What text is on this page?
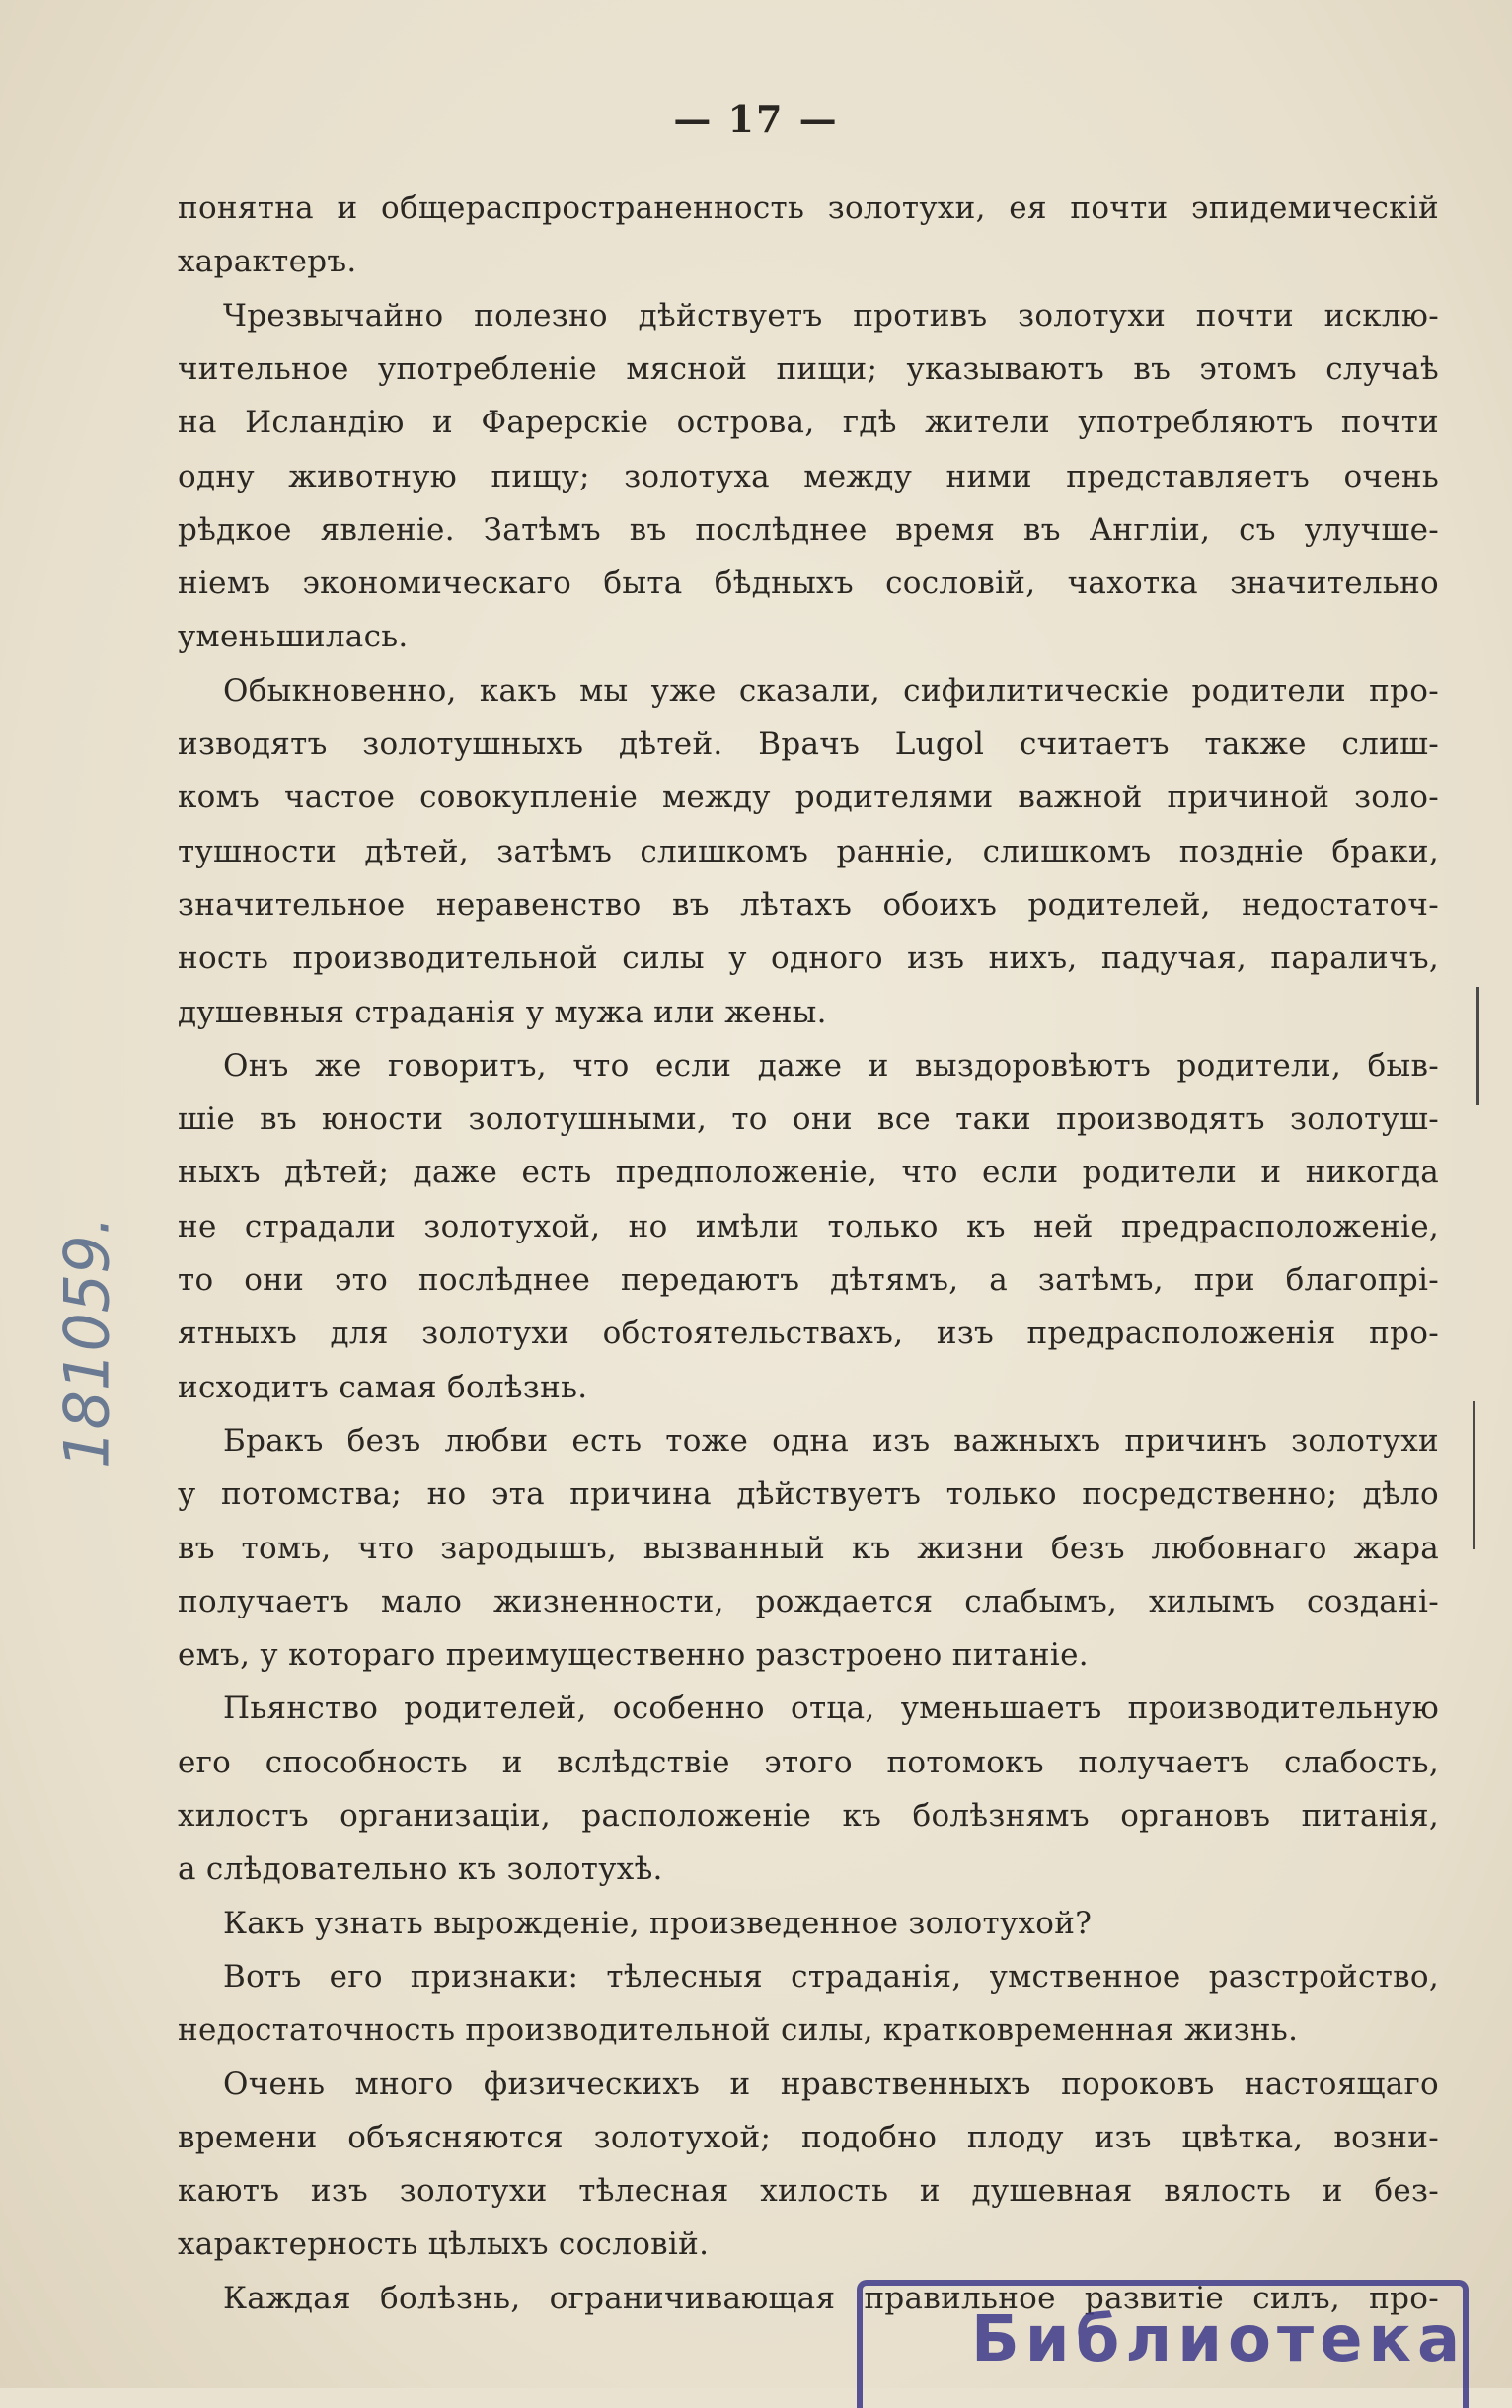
— 17 —
понятна и общераспространенность золотухи, ея почти эпидемическій
характеръ.
Чрезвычайно полезно дѣйствуетъ противъ золотухи почти исклю-
чительное употребленіе мясной пищи; указываютъ въ этомъ случаѣ
на Исландію и Фарерскіе острова, гдѣ жители употребляютъ почти
одну животную пищу; золотуха между ними представляетъ очень
рѣдкое явленіе. Затѣмъ въ послѣднее время въ Англіи, съ улучше-
ніемъ экономическаго быта бѣдныхъ сословій, чахотка значительно
уменьшилась.
Обыкновенно, какъ мы уже сказали, сифилитическіе родители про-
изводятъ золотушныхъ дѣтей. Врачъ Lugol считаетъ также слиш-
комъ частое совокупленіе между родителями важной причиной золо-
тушности дѣтей, затѣмъ слишкомъ ранніе, слишкомъ поздніе браки,
значительное неравенство въ лѣтахъ обоихъ родителей, недостаточ-
ность производительной силы у одного изъ нихъ, падучая, параличъ,
душевныя страданія у мужа или жены.
Онъ же говоритъ, что если даже и выздоровѣютъ родители, быв-
шіе въ юности золотушными, то они все таки производятъ золотуш-
ныхъ дѣтей; даже есть предположеніе, что если родители и никогда
не страдали золотухой, но имѣли только къ ней предрасположеніе,
то они это послѣднее передаютъ дѣтямъ, а затѣмъ, при благопрі-
ятныхъ для золотухи обстоятельствахъ, изъ предрасположенія про-
исходитъ самая болѣзнь.
Бракъ безъ любви есть тоже одна изъ важныхъ причинъ золотухи
у потомства; но эта причина дѣйствуетъ только посредственно; дѣло
въ томъ, что зародышъ, вызванный къ жизни безъ любовнаго жара
получаетъ мало жизненности, рождается слабымъ, хилымъ создані-
емъ, у котораго преимущественно разстроено питаніе.
Пьянство родителей, особенно отца, уменьшаетъ производительную
его способность и вслѣдствіе этого потомокъ получаетъ слабость,
хилостъ организаціи, расположеніе къ болѣзнямъ органовъ питанія,
а слѣдовательно къ золотухѣ.
Какъ узнать вырожденіе, произведенное золотухой?
Вотъ его признаки: тѣлесныя страданія, умственное разстройство,
недостаточность производительной силы, кратковременная жизнь.
Очень много физическихъ и нравственныхъ пороковъ настоящаго
времени объясняются золотухой; подобно плоду изъ цвѣтка, возни-
каютъ изъ золотухи тѣлесная хилость и душевная вялость и без-
характерность цѣлыхъ сословій.
Каждая болѣзнь, ограничивающая правильное развитіе силъ, про-
181059.
Библиотека
